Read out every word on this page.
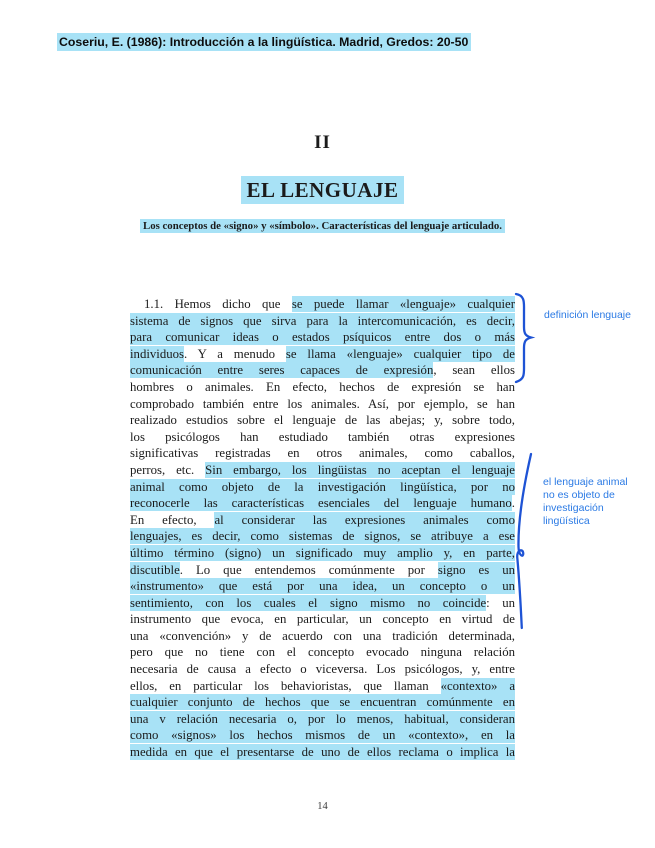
Coseriu, E. (1986): Introducción a la lingüística. Madrid, Gredos: 20-50
II
EL LENGUAJE
Los conceptos de «signo» y «símbolo». Características del lenguaje articulado.
1.1. Hemos dicho que se puede llamar «lenguaje» cualquier
sistema de signos que sirva para la intercomunicación, es decir,
para comunicar ideas o estados psíquicos entre dos o más
individuos. Y a menudo se llama «lenguaje» cualquier tipo de
comunicación entre seres capaces de expresión, sean ellos
hombres o animales. En efecto, hechos de expresión se han
comprobado también entre los animales. Así, por ejemplo, se han
realizado estudios sobre el lenguaje de las abejas; y, sobre todo,
los psicólogos han estudiado también otras expresiones
significativas registradas en otros animales, como caballos,
perros, etc. Sin embargo, los lingüistas no aceptan el lenguaje
animal como objeto de la investigación lingüística, por no
reconocerle las características esenciales del lenguaje humano.
En efecto, al considerar las expresiones animales como
lenguajes, es decir, como sistemas de signos, se atribuye a ese
último término (signo) un significado muy amplio y, en parte,
discutible. Lo que entendemos comúnmente por signo es un
«instrumento» que está por una idea, un concepto o un
sentimiento, con los cuales el signo mismo no coincide: un
instrumento que evoca, en particular, un concepto en virtud de
una «convención» y de acuerdo con una tradición determinada,
pero que no tiene con el concepto evocado ninguna relación
necesaria de causa a efecto o viceversa. Los psicólogos, y, entre
ellos, en particular los behavioristas, que llaman «contexto» a
cualquier conjunto de hechos que se encuentran comúnmente en
una v relación necesaria o, por lo menos, habitual, consideran
como «signos» los hechos mismos de un «contexto», en la
medida en que el presentarse de uno de ellos reclama o implica la
definición lenguaje
el lenguaje animal no es objeto de investigación lingüística
14
